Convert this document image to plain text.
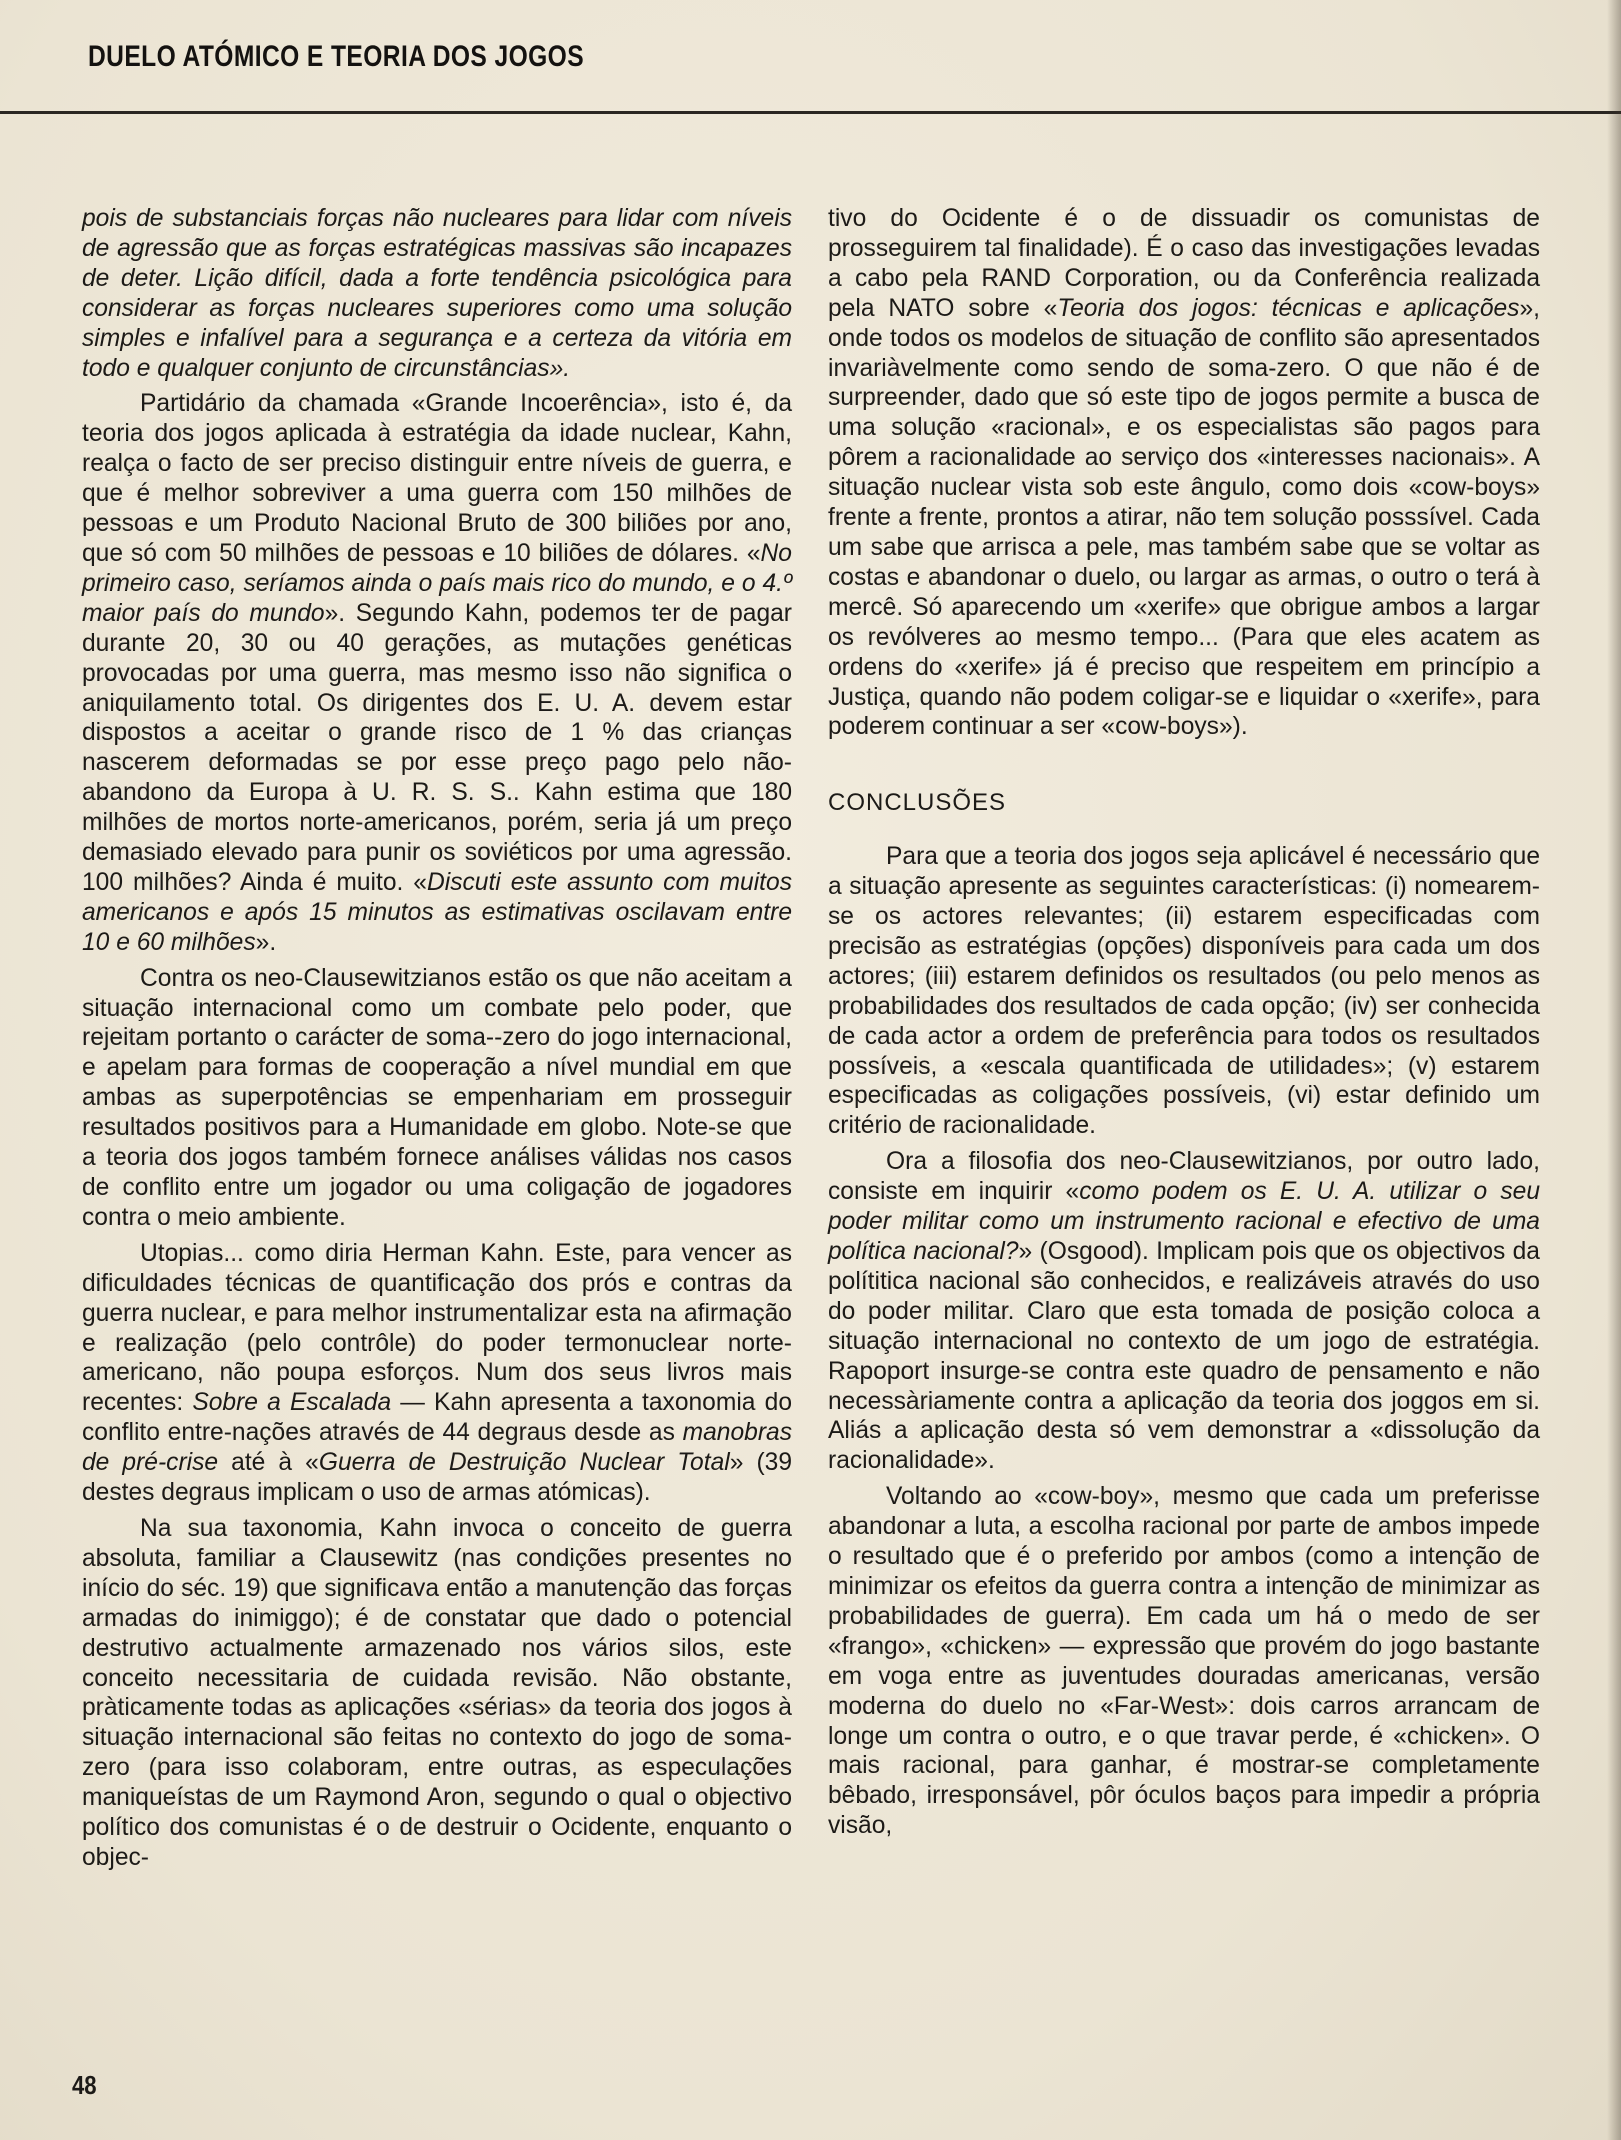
DUELO ATÓMICO E TEORIA DOS JOGOS

pois de substanciais forças não nucleares para lidar com níveis de agressão que as forças estratégicas massivas são incapazes de deter. Lição difícil, dada a forte tendência psicológica para considerar as forças nucleares superiores como uma solução simples e infalível para a segurança e a certeza da vitória em todo e qualquer conjunto de circunstâncias».

Partidário da chamada «Grande Incoerência», isto é, da teoria dos jogos aplicada à estratégia da idade nuclear, Kahn, realça o facto de ser preciso distinguir entre níveis de guerra, e que é melhor sobreviver a uma guerra com 150 milhões de pessoas e um Produto Nacional Bruto de 300 biliões por ano, que só com 50 milhões de pessoas e 10 biliões de dólares. «No primeiro caso, seríamos ainda o país mais rico do mundo, e o 4.º maior país do mundo». Segundo Kahn, podemos ter de pagar durante 20, 30 ou 40 gerações, as mutações genéticas provocadas por uma guerra, mas mesmo isso não significa o aniquilamento total. Os dirigentes dos E. U. A. devem estar dispostos a aceitar o grande risco de 1 % das crianças nascerem deformadas se por esse preço pago pelo não-abandono da Europa à U. R. S. S.. Kahn estima que 180 milhões de mortos norte-americanos, porém, seria já um preço demasiado elevado para punir os soviéticos por uma agressão. 100 milhões? Ainda é muito. «Discuti este assunto com muitos americanos e após 15 minutos as estimativas oscilavam entre 10 e 60 milhões».

Contra os neo-Clausewitzianos estão os que não aceitam a situação internacional como um combate pelo poder, que rejeitam portanto o carácter de soma--zero do jogo internacional, e apelam para formas de cooperação a nível mundial em que ambas as superpotências se empenhariam em prosseguir resultados positivos para a Humanidade em globo. Note-se que a teoria dos jogos também fornece análises válidas nos casos de conflito entre um jogador ou uma coligação de jogadores contra o meio ambiente.

Utopias... como diria Herman Kahn. Este, para vencer as dificuldades técnicas de quantificação dos prós e contras da guerra nuclear, e para melhor instrumentalizar esta na afirmação e realização (pelo contrôle) do poder termonuclear norte-americano, não poupa esforços. Num dos seus livros mais recentes: Sobre a Escalada — Kahn apresenta a taxonomia do conflito entre-nações através de 44 degraus desde as manobras de pré-crise até à «Guerra de Destruição Nuclear Total» (39 destes degraus implicam o uso de armas atómicas).

Na sua taxonomia, Kahn invoca o conceito de guerra absoluta, familiar a Clausewitz (nas condições presentes no início do séc. 19) que significava então a manutenção das forças armadas do inimiggo); é de constatar que dado o potencial destrutivo actualmente armazenado nos vários silos, este conceito necessitaria de cuidada revisão. Não obstante, pràticamente todas as aplicações «sérias» da teoria dos jogos à situação internacional são feitas no contexto do jogo de soma-zero (para isso colaboram, entre outras, as especulações maniqueístas de um Raymond Aron, segundo o qual o objectivo político dos comunistas é o de destruir o Ocidente, enquanto o objec-

tivo do Ocidente é o de dissuadir os comunistas de prosseguirem tal finalidade). É o caso das investigações levadas a cabo pela RAND Corporation, ou da Conferência realizada pela NATO sobre «Teoria dos jogos: técnicas e aplicações», onde todos os modelos de situação de conflito são apresentados invariàvelmente como sendo de soma-zero. O que não é de surpreender, dado que só este tipo de jogos permite a busca de uma solução «racional», e os especialistas são pagos para pôrem a racionalidade ao serviço dos «interesses nacionais». A situação nuclear vista sob este ângulo, como dois «cow-boys» frente a frente, prontos a atirar, não tem solução posssível. Cada um sabe que arrisca a pele, mas também sabe que se voltar as costas e abandonar o duelo, ou largar as armas, o outro o terá à mercê. Só aparecendo um «xerife» que obrigue ambos a largar os revólveres ao mesmo tempo... (Para que eles acatem as ordens do «xerife» já é preciso que respeitem em princípio a Justiça, quando não podem coligar-se e liquidar o «xerife», para poderem continuar a ser «cow-boys»).

CONCLUSÕES

Para que a teoria dos jogos seja aplicável é necessário que a situação apresente as seguintes características: (i) nomearem-se os actores relevantes; (ii) estarem especificadas com precisão as estratégias (opções) disponíveis para cada um dos actores; (iii) estarem definidos os resultados (ou pelo menos as probabilidades dos resultados de cada opção; (iv) ser conhecida de cada actor a ordem de preferência para todos os resultados possíveis, a «escala quantificada de utilidades»; (v) estarem especificadas as coligações possíveis, (vi) estar definido um critério de racionalidade.

Ora a filosofia dos neo-Clausewitzianos, por outro lado, consiste em inquirir «como podem os E. U. A. utilizar o seu poder militar como um instrumento racional e efectivo de uma política nacional?» (Osgood). Implicam pois que os objectivos da polítitica nacional são conhecidos, e realizáveis através do uso do poder militar. Claro que esta tomada de posição coloca a situação internacional no contexto de um jogo de estratégia. Rapoport insurge-se contra este quadro de pensamento e não necessàriamente contra a aplicação da teoria dos joggos em si. Aliás a aplicação desta só vem demonstrar a «dissolução da racionalidade».

Voltando ao «cow-boy», mesmo que cada um preferisse abandonar a luta, a escolha racional por parte de ambos impede o resultado que é o preferido por ambos (como a intenção de minimizar os efeitos da guerra contra a intenção de minimizar as probabilidades de guerra). Em cada um há o medo de ser «frango», «chicken» — expressão que provém do jogo bastante em voga entre as juventudes douradas americanas, versão moderna do duelo no «Far-West»: dois carros arrancam de longe um contra o outro, e o que travar perde, é «chicken». O mais racional, para ganhar, é mostrar-se completamente bêbado, irresponsável, pôr óculos baços para impedir a própria visão,

48
